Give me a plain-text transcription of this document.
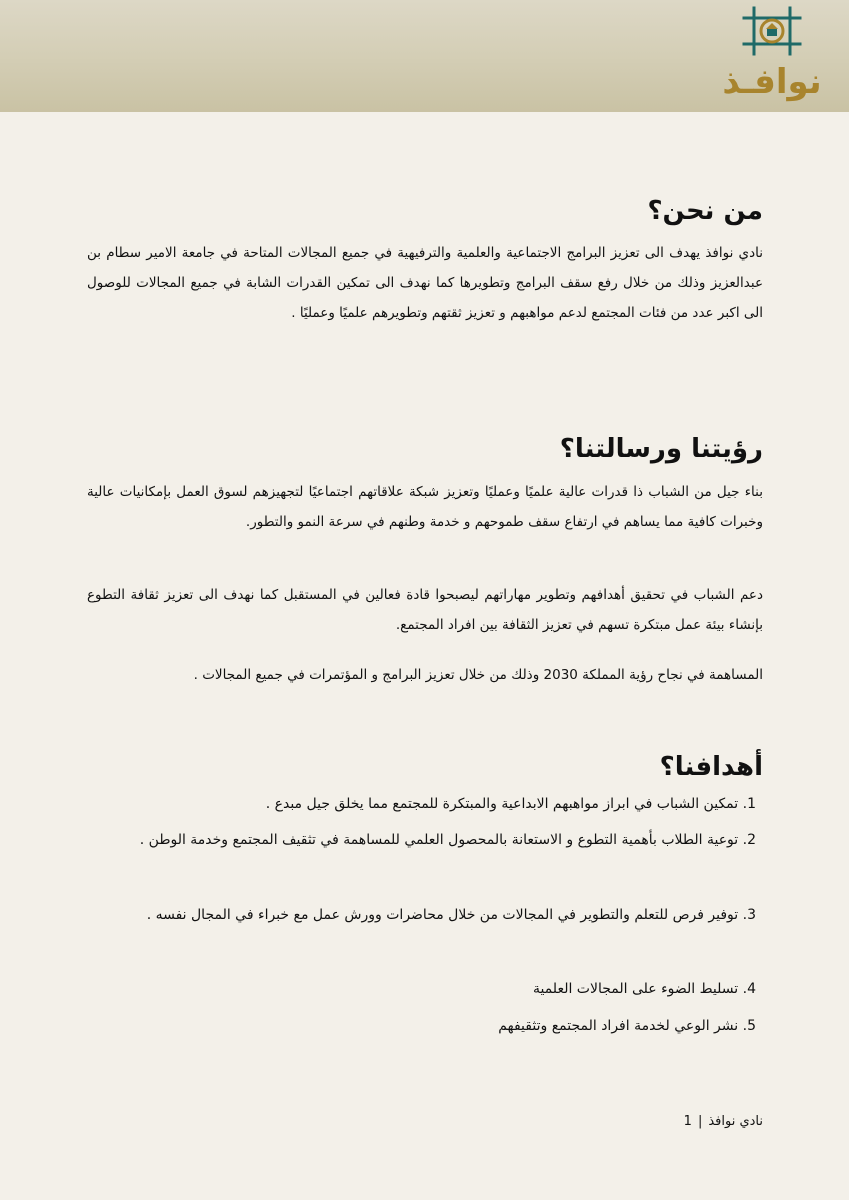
نوافـذ
من نحن؟

نادي نوافذ يهدف الى تعزيز البرامج الاجتماعية والعلمية والترفيهية في جميع المجالات المتاحة في جامعة الامير سطام بن عبدالعزيز وذلك من خلال رفع سقف البرامج وتطويرها كما نهدف الى تمكين القدرات الشابة في جميع المجالات للوصول الى اكبر عدد من فئات المجتمع لدعم مواهبهم و تعزيز ثقتهم وتطويرهم علميًا وعمليًا .

رؤيتنا ورسالتنا؟

بناء جيل من الشباب ذا قدرات عالية علميًا وعمليًا وتعزيز شبكة علاقاتهم اجتماعيًا لتجهيزهم لسوق العمل بإمكانيات عالية وخبرات كافية مما يساهم في ارتفاع سقف طموحهم و خدمة وطنهم في سرعة النمو والتطور.

دعم الشباب في تحقيق أهدافهم وتطوير مهاراتهم ليصبحوا قادة فعالين في المستقبل كما نهدف الى تعزيز ثقافة التطوع بإنشاء بيئة عمل مبتكرة تسهم في تعزيز الثقافة بين افراد المجتمع.

المساهمة في نجاح رؤية المملكة 2030 وذلك من خلال تعزيز البرامج و المؤتمرات في جميع المجالات .

أهدافنا؟

1. تمكين الشباب في ابراز مواهبهم الابداعية والمبتكرة للمجتمع مما يخلق جيل مبدع .

2. توعية الطلاب بأهمية التطوع و الاستعانة بالمحصول العلمي للمساهمة في تثقيف المجتمع وخدمة الوطن .

3. توفير فرص للتعلم والتطوير في المجالات من خلال محاضرات وورش عمل مع خبراء في المجال نفسه .

4. تسليط الضوء على المجالات العلمية

5. نشر الوعي لخدمة افراد المجتمع وتثقيفهم

نادي نوافذ|1
